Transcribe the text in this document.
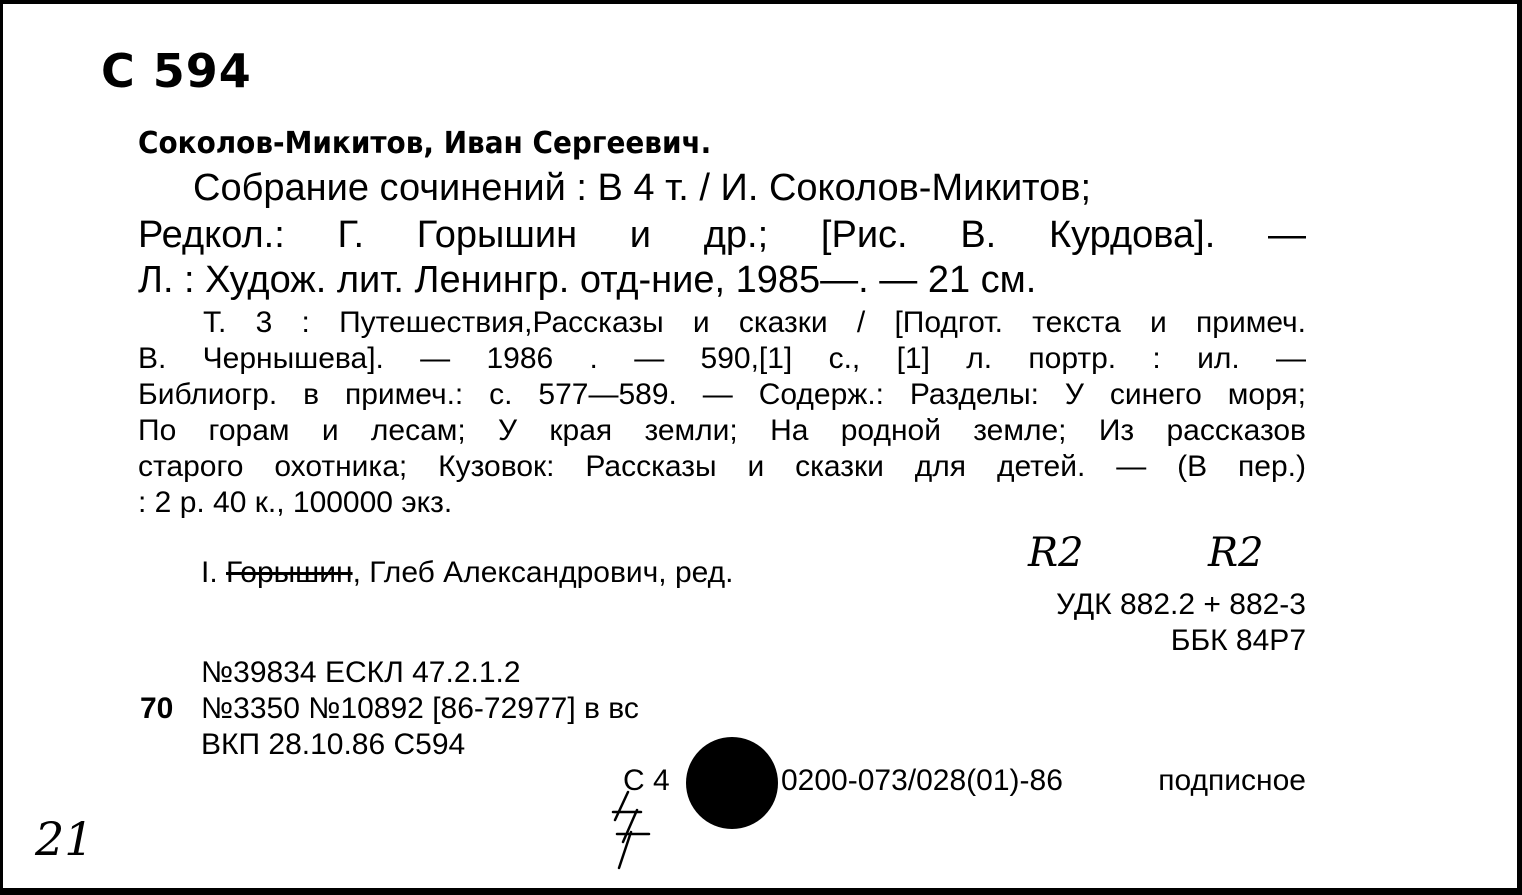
С 594
Соколов-Микитов, Иван Сергеевич.
Собрание сочинений : В 4 т. / И. Соколов-Микитов;
Редкол.: Г. Горышин и др.; [Рис. В. Курдова]. —
Л. : Худож. лит. Ленингр. отд-ние, 1985—. — 21 см.
Т. 3 : Путешествия,Рассказы и сказки / [Подгот. текста и примеч.
В. Чернышева]. — 1986 . — 590,[1] с., [1] л. портр. : ил. —
Библиогр. в примеч.: с. 577—589. — Содерж.: Разделы: У синего моря;
По горам и лесам; У края земли; На родной земле; Из рассказов
старого охотника; Кузовок: Рассказы и сказки для детей. — (В пер.)
: 2 р. 40 к., 100000 экз.
I. Горышин, Глеб Александрович, ред.	R2	R2
УДК 882.2 + 882-3
ББК 84Р7
№39834 ЕСКЛ 47.2.1.2
70 №3350 №10892 [86-72977] в вс
ВКП 28.10.86 С594
С 4	0200-073/028(01)-86	подписное
21
